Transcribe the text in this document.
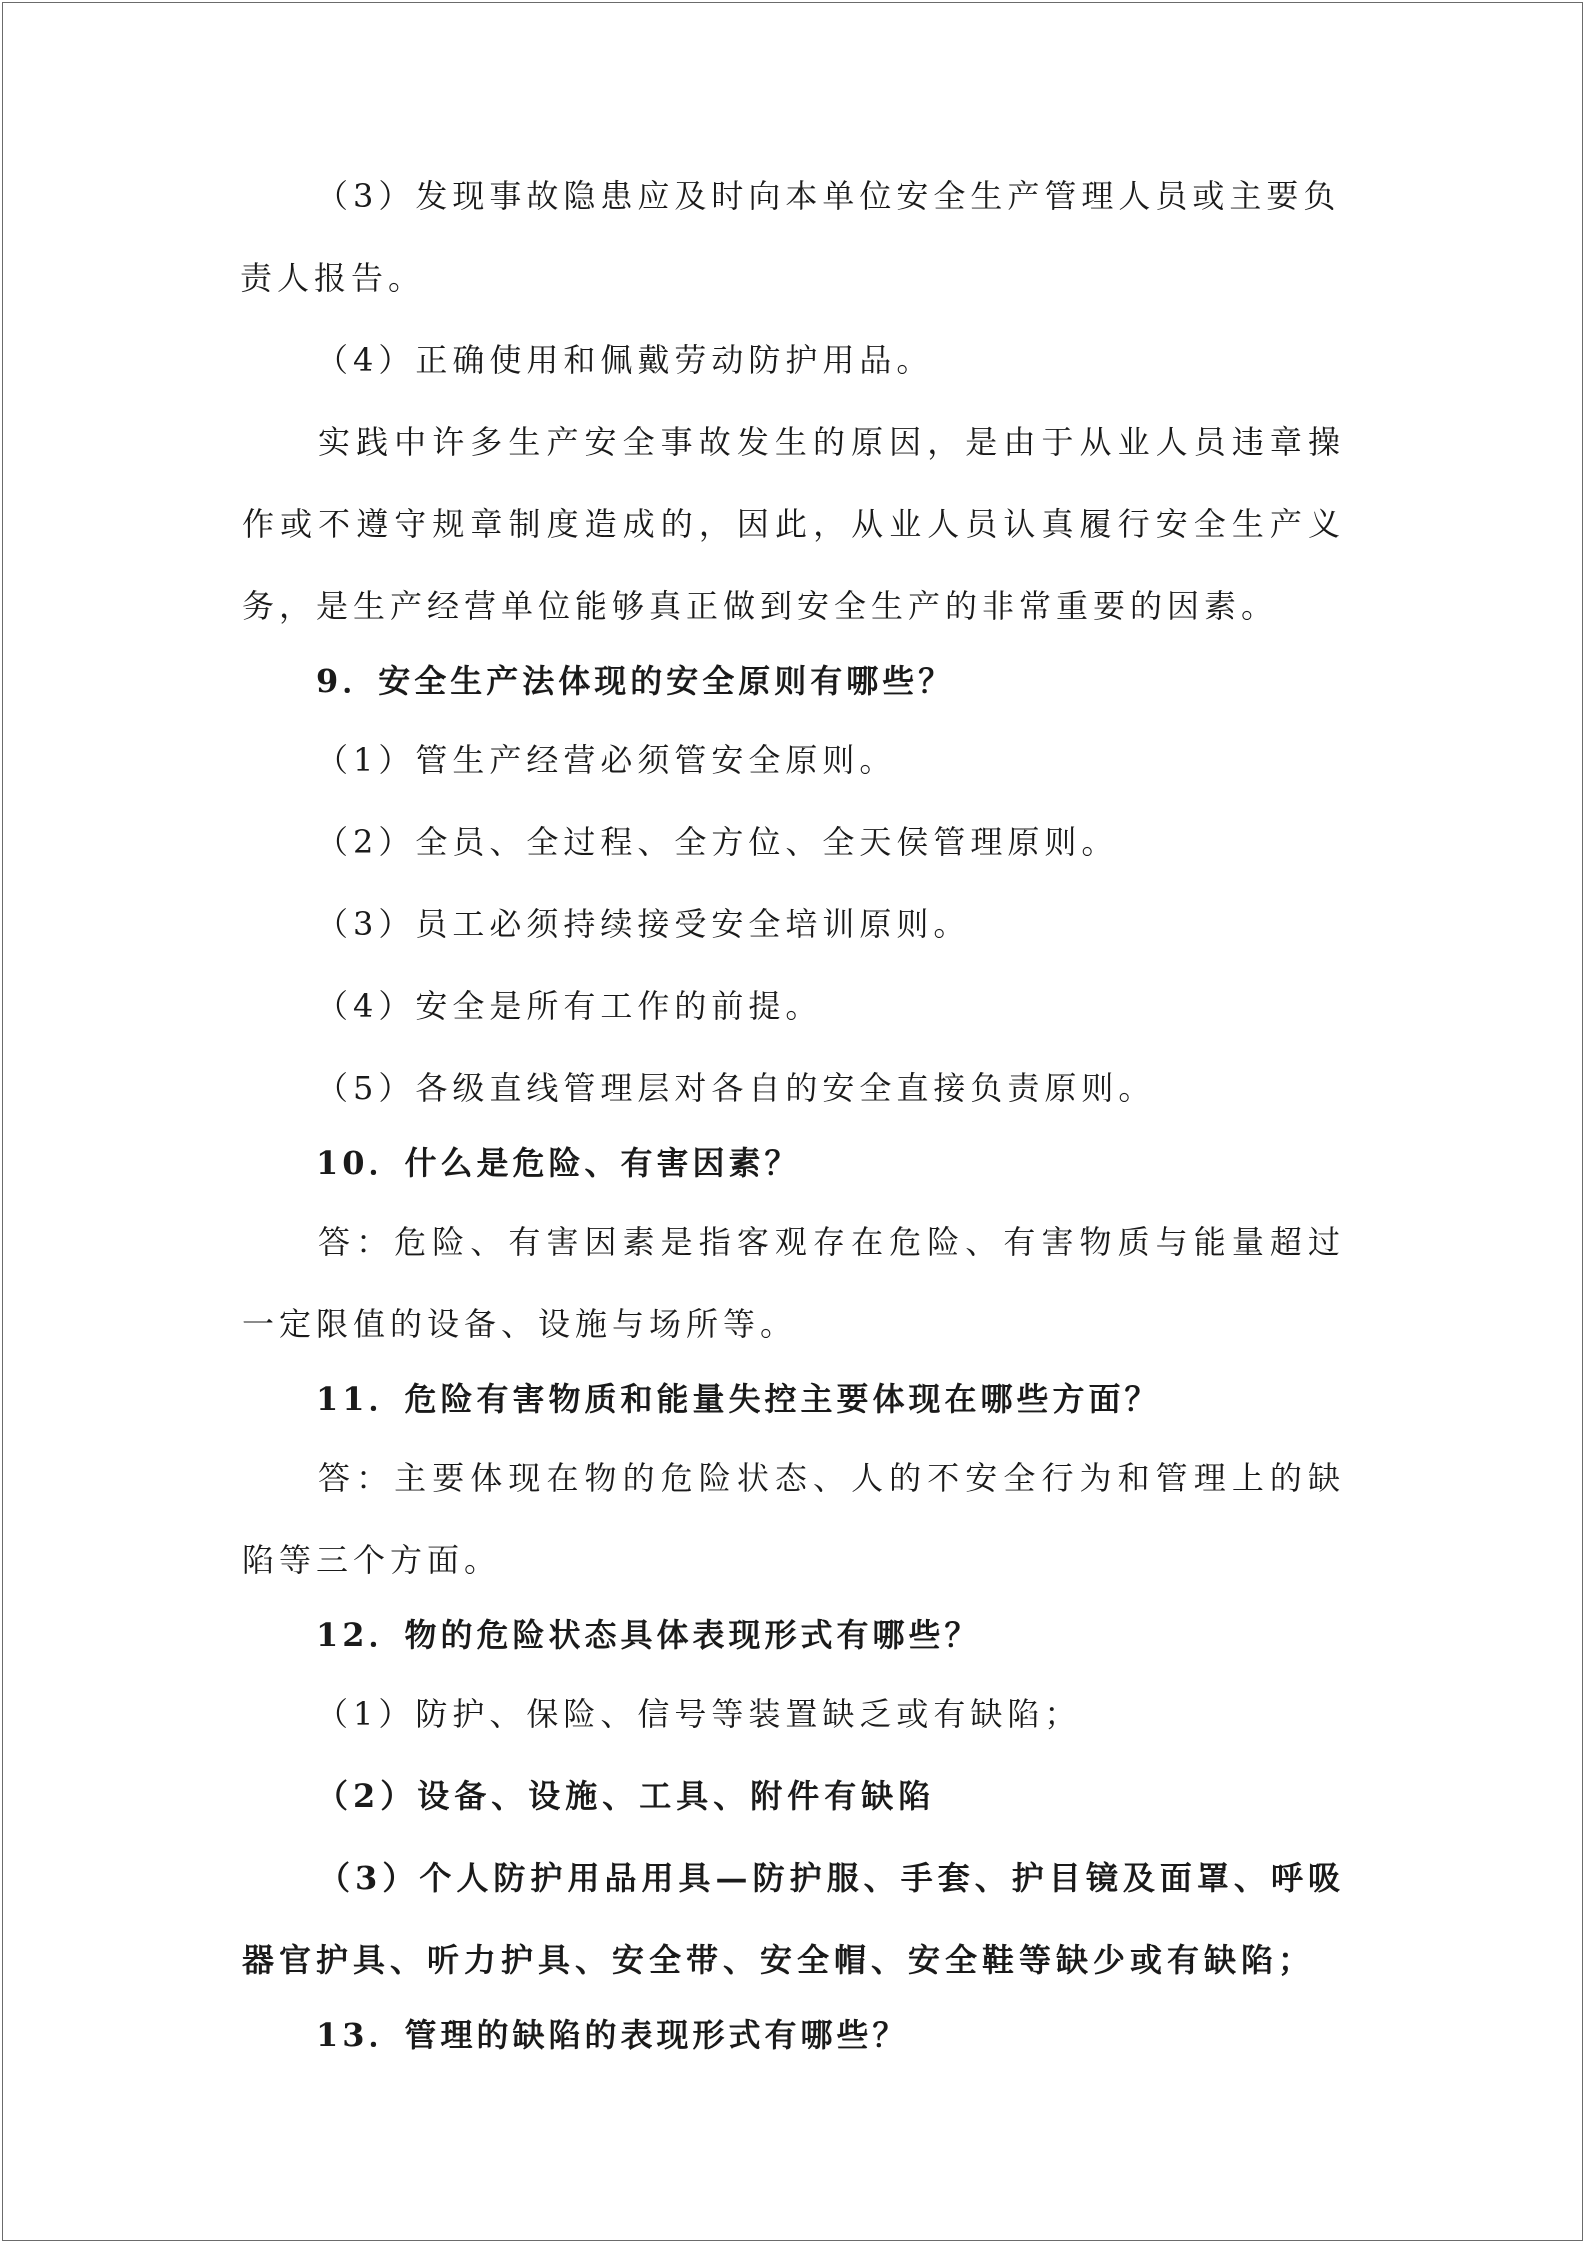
（3）发现事故隐患应及时向本单位安全生产管理人员或主要负责人报告。

（4）正确使用和佩戴劳动防护用品。

实践中许多生产安全事故发生的原因，是由于从业人员违章操作或不遵守规章制度造成的，因此，从业人员认真履行安全生产义务，是生产经营单位能够真正做到安全生产的非常重要的因素。

9．安全生产法体现的安全原则有哪些？

（1）管生产经营必须管安全原则。

（2）全员、全过程、全方位、全天侯管理原则。

（3）员工必须持续接受安全培训原则。

（4）安全是所有工作的前提。

（5）各级直线管理层对各自的安全直接负责原则。

10．什么是危险、有害因素？

答：危险、有害因素是指客观存在危险、有害物质与能量超过一定限值的设备、设施与场所等。

11．危险有害物质和能量失控主要体现在哪些方面？

答：主要体现在物的危险状态、人的不安全行为和管理上的缺陷等三个方面。

12．物的危险状态具体表现形式有哪些？

（1）防护、保险、信号等装置缺乏或有缺陷；

（2）设备、设施、工具、附件有缺陷

（3）个人防护用品用具—防护服、手套、护目镜及面罩、呼吸器官护具、听力护具、安全带、安全帽、安全鞋等缺少或有缺陷；

13．管理的缺陷的表现形式有哪些？
